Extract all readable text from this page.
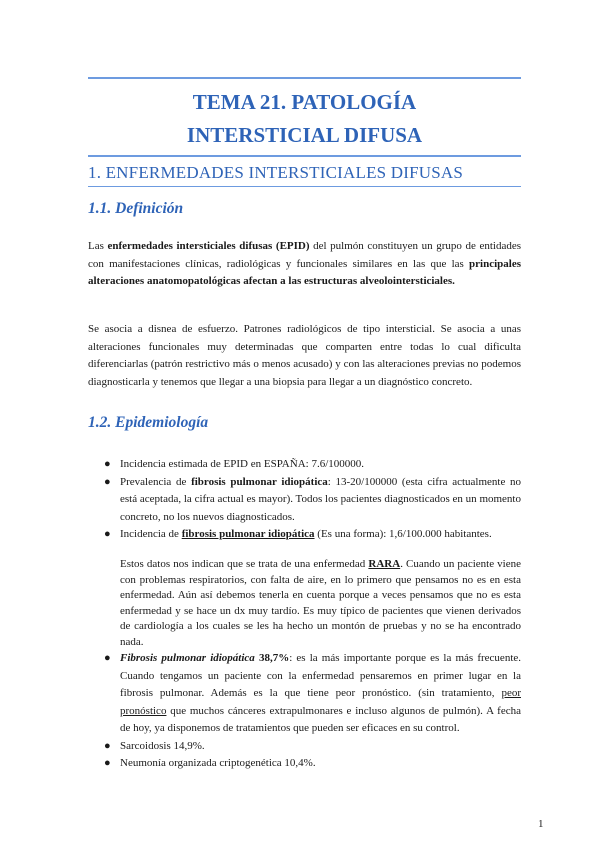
TEMA 21. PATOLOGÍA
INTERSTICIAL DIFUSA
1. ENFERMEDADES INTERSTICIALES DIFUSAS
1.1. Definición
Las enfermedades intersticiales difusas (EPID) del pulmón constituyen un grupo de entidades con manifestaciones clínicas, radiológicas y funcionales similares en las que las principales alteraciones anatomopatológicas afectan a las estructuras alveolointersticiales.
Se asocia a disnea de esfuerzo. Patrones radiológicos de tipo intersticial. Se asocia a unas alteraciones funcionales muy determinadas que comparten entre todas lo cual dificulta diferenciarlas (patrón restrictivo más o menos acusado) y con las alteraciones previas no podemos diagnosticarla y tenemos que llegar a una biopsia para llegar a un diagnóstico concreto.
1.2. Epidemiología
● Incidencia estimada de EPID en ESPAÑA: 7.6/100000.
● Prevalencia de fibrosis pulmonar idiopática: 13-20/100000 (esta cifra actualmente no está aceptada, la cifra actual es mayor). Todos los pacientes diagnosticados en un momento concreto, no los nuevos diagnosticados.
● Incidencia de fibrosis pulmonar idiopática (Es una forma): 1,6/100.000 habitantes.
Estos datos nos indican que se trata de una enfermedad RARA. Cuando un paciente viene con problemas respiratorios, con falta de aire, en lo primero que pensamos no es en esta enfermedad. Aún así debemos tenerla en cuenta porque a veces pensamos que no es esta enfermedad y se hace un dx muy tardío. Es muy típico de pacientes que vienen derivados de cardiología a los cuales se les ha hecho un montón de pruebas y no se ha encontrado nada.
● Fibrosis pulmonar idiopática 38,7%: es la más importante porque es la más frecuente. Cuando tengamos un paciente con la enfermedad pensaremos en primer lugar en la fibrosis pulmonar. Además es la que tiene peor pronóstico. (sin tratamiento, peor pronóstico que muchos cánceres extrapulmonares e incluso algunos de pulmón). A fecha de hoy, ya disponemos de tratamientos que pueden ser eficaces en su control.
● Sarcoidosis 14,9%.
● Neumonía organizada criptogenética 10,4%.
1
